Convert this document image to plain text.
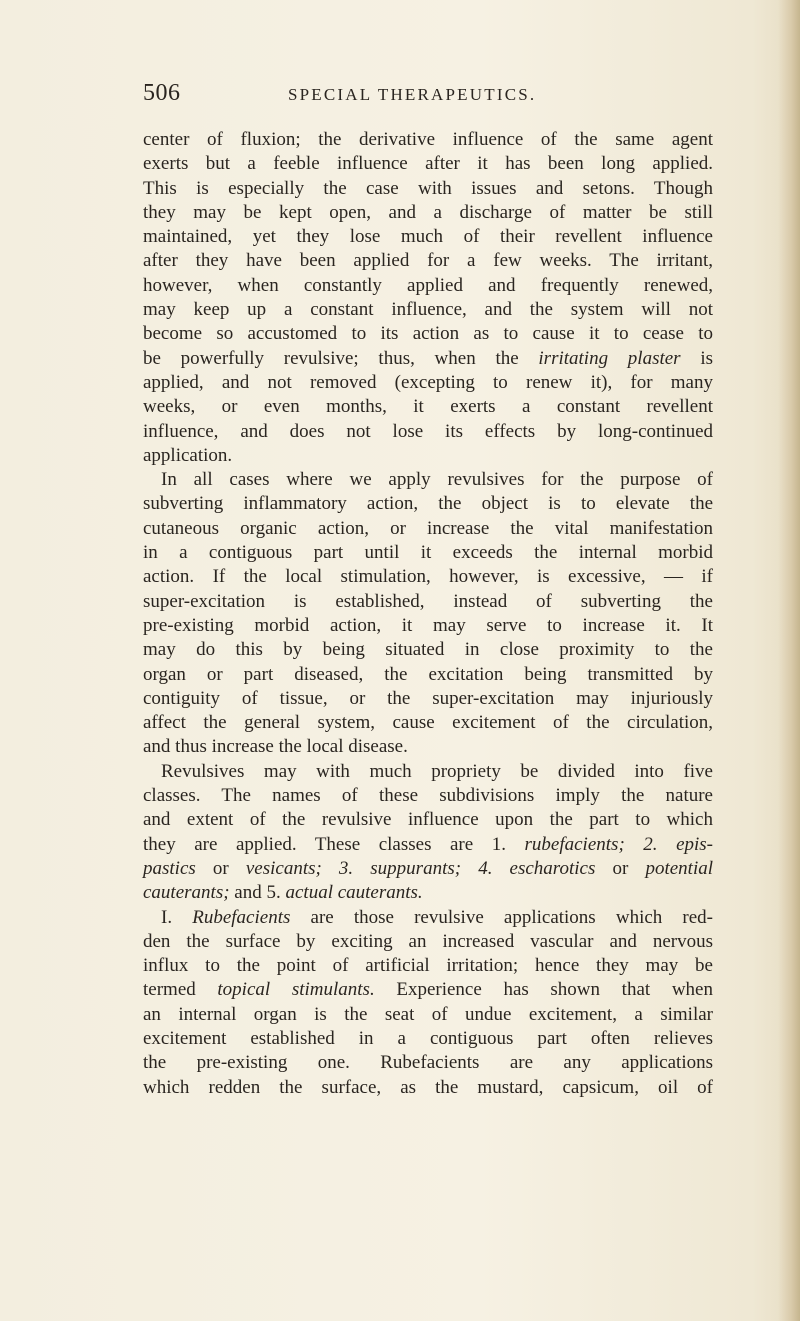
506	SPECIAL THERAPEUTICS.
center of fluxion; the derivative influence of the same agent
exerts but a feeble influence after it has been long applied.
This is especially the case with issues and setons. Though
they may be kept open, and a discharge of matter be still
maintained, yet they lose much of their revellent influence
after they have been applied for a few weeks. The irritant,
however, when constantly applied and frequently renewed,
may keep up a constant influence, and the system will not
become so accustomed to its action as to cause it to cease to
be powerfully revulsive; thus, when the irritating plaster is
applied, and not removed (excepting to renew it), for many
weeks, or even months, it exerts a constant revellent
influence, and does not lose its effects by long-continued
application.
In all cases where we apply revulsives for the purpose of
subverting inflammatory action, the object is to elevate the
cutaneous organic action, or increase the vital manifestation
in a contiguous part until it exceeds the internal morbid
action. If the local stimulation, however, is excessive, — if
super-excitation is established, instead of subverting the
pre-existing morbid action, it may serve to increase it. It
may do this by being situated in close proximity to the
organ or part diseased, the excitation being transmitted by
contiguity of tissue, or the super-excitation may injuriously
affect the general system, cause excitement of the circulation,
and thus increase the local disease.
Revulsives may with much propriety be divided into five
classes. The names of these subdivisions imply the nature
and extent of the revulsive influence upon the part to which
they are applied. These classes are 1. rubefacients; 2. epis-
pastics or vesicants; 3. suppurants; 4. escharotics or potential
cauterants; and 5. actual cauterants.
I. Rubefacients are those revulsive applications which red-
den the surface by exciting an increased vascular and nervous
influx to the point of artificial irritation; hence they may be
termed topical stimulants. Experience has shown that when
an internal organ is the seat of undue excitement, a similar
excitement established in a contiguous part often relieves
the pre-existing one. Rubefacients are any applications
which redden the surface, as the mustard, capsicum, oil of
